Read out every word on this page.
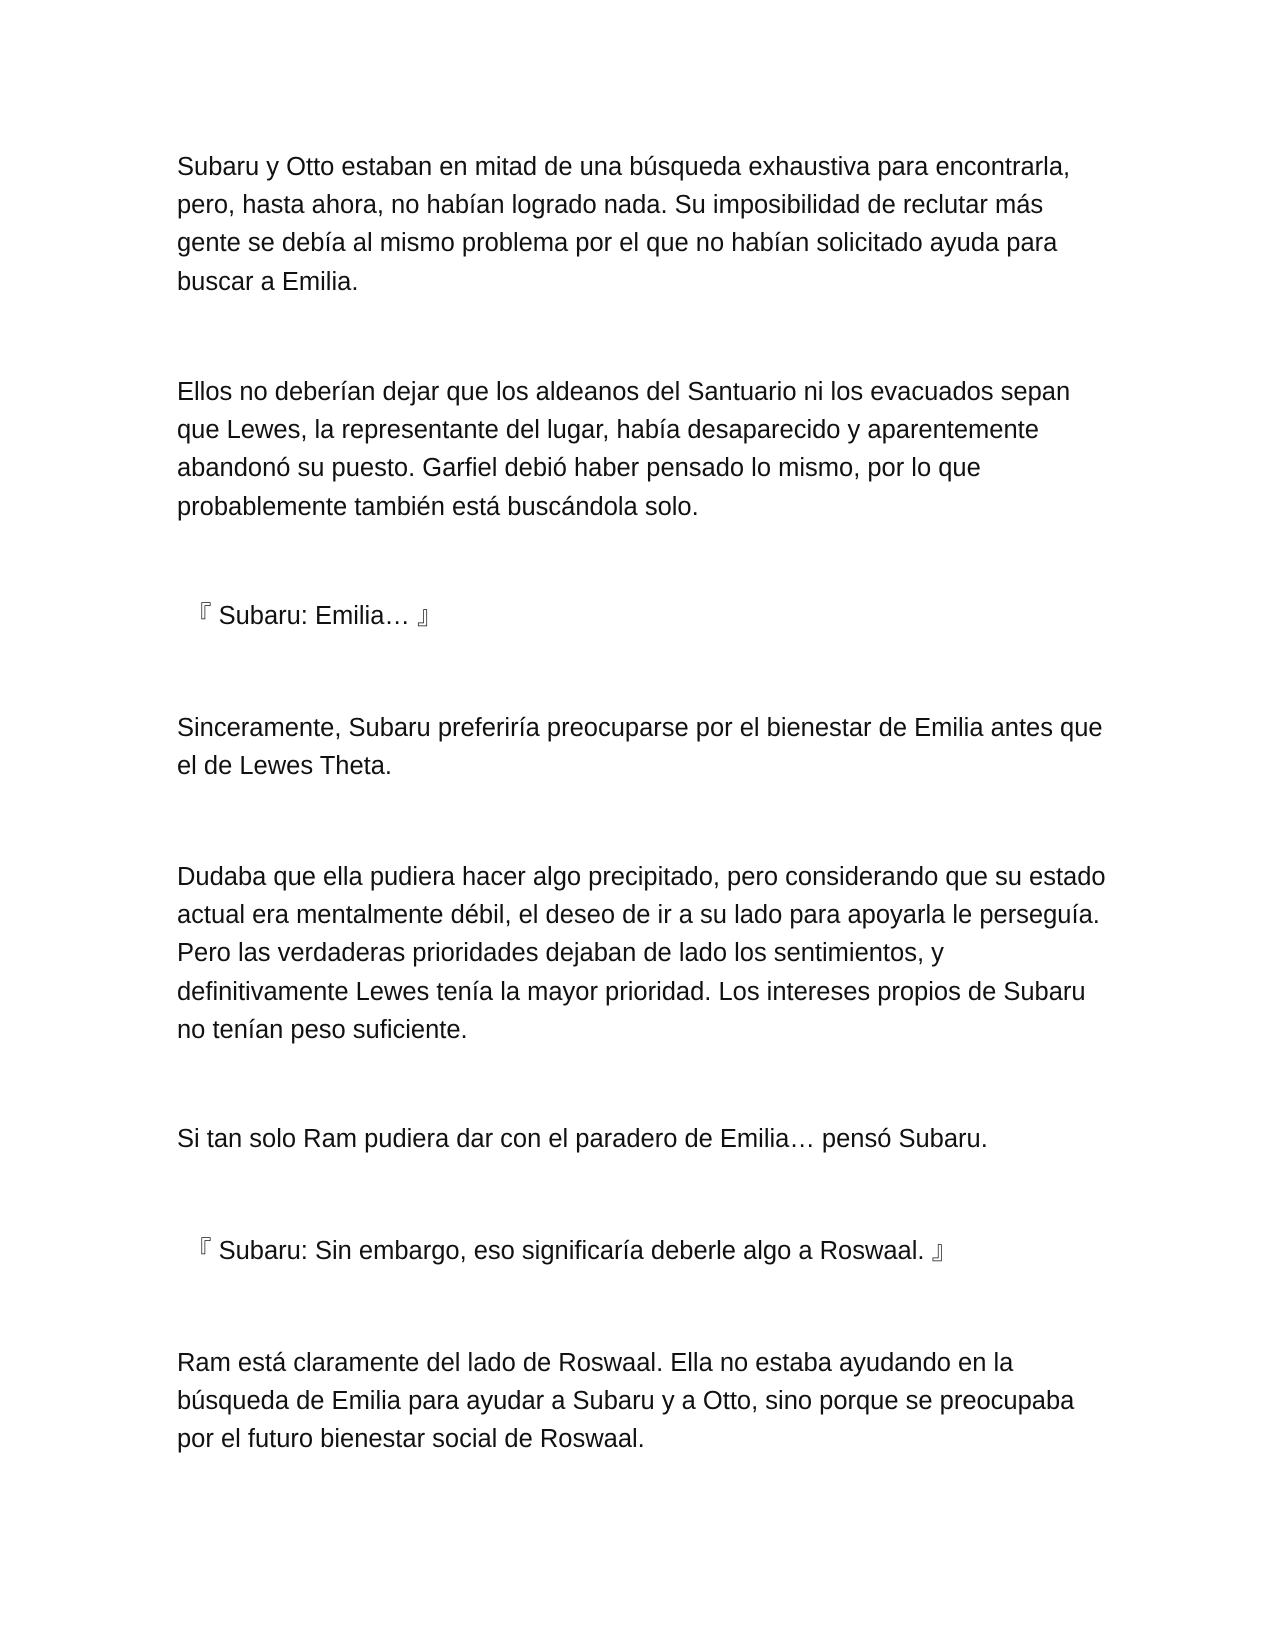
Subaru y Otto estaban en mitad de una búsqueda exhaustiva para encontrarla, pero, hasta ahora, no habían logrado nada. Su imposibilidad de reclutar más gente se debía al mismo problema por el que no habían solicitado ayuda para buscar a Emilia.

Ellos no deberían dejar que los aldeanos del Santuario ni los evacuados sepan que Lewes, la representante del lugar, había desaparecido y aparentemente abandonó su puesto. Garfiel debió haber pensado lo mismo, por lo que probablemente también está buscándola solo.

『 Subaru: Emilia… 』

Sinceramente, Subaru preferiría preocuparse por el bienestar de Emilia antes que el de Lewes Theta.

Dudaba que ella pudiera hacer algo precipitado, pero considerando que su estado actual era mentalmente débil, el deseo de ir a su lado para apoyarla le perseguía. Pero las verdaderas prioridades dejaban de lado los sentimientos, y definitivamente Lewes tenía la mayor prioridad. Los intereses propios de Subaru no tenían peso suficiente.

Si tan solo Ram pudiera dar con el paradero de Emilia… pensó Subaru.

『 Subaru: Sin embargo, eso significaría deberle algo a Roswaal. 』

Ram está claramente del lado de Roswaal. Ella no estaba ayudando en la búsqueda de Emilia para ayudar a Subaru y a Otto, sino porque se preocupaba por el futuro bienestar social de Roswaal.
